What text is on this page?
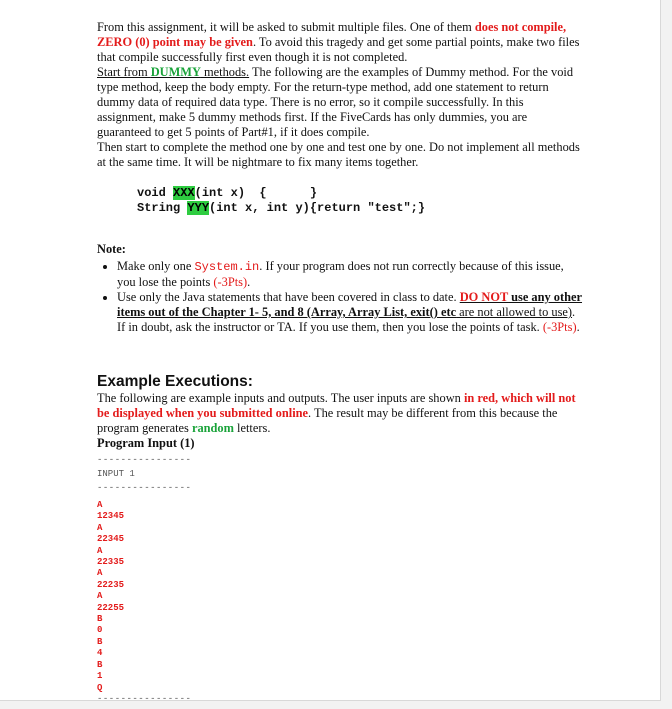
From this assignment, it will be asked to submit multiple files. One of them does not compile, ZERO (0) point may be given. To avoid this tragedy and get some partial points, make two files that compile successfully first even though it is not completed.

Start from DUMMY methods. The following are the examples of Dummy method. For the void type method, keep the body empty. For the return-type method, add one statement to return dummy data of required data type. There is no error, so it compile successfully. In this assignment, make 5 dummy methods first. If the FiveCards has only dummies, you are guaranteed to get 5 points of Part#1, if it does compile.

Then start to complete the method one by one and test one by one. Do not implement all methods at the same time. It will be nightmare to fix many items together.

void XXX(int x)  {      }
String YYY(int x, int y){return "test";}

Note:

• Make only one System.in. If your program does not run correctly because of this issue, you lose the points (-3Pts).
• Use only the Java statements that have been covered in class to date. DO NOT use any other items out of the Chapter 1- 5, and 8 (Array, Array List, exit() etc are not allowed to use). If in doubt, ask the instructor or TA. If you use them, then you lose the points of task. (-3Pts).
Example Executions:

The following are example inputs and outputs. The user inputs are shown in red, which will not be displayed when you submitted online. The result may be different from this because the program generates random letters.

Program Input (1)

----------------
INPUT 1
----------------
A
12345
A
22345
A
22335
A
22235
A
22255
B
0
B
4
B
1
Q
----------------
